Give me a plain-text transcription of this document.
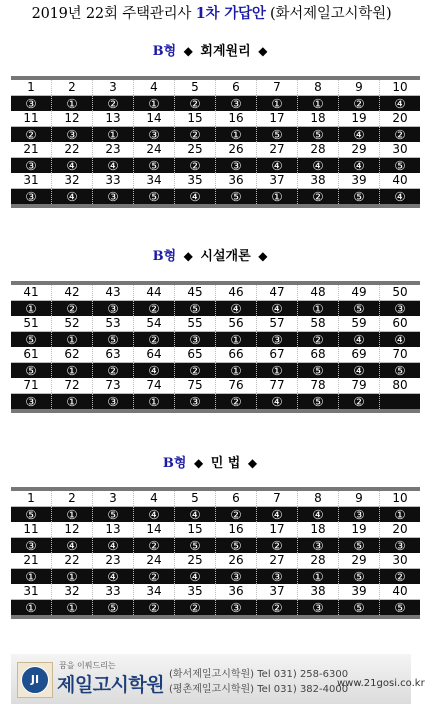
2019년 22회 주택관리사 1차 가답안 (화서제일고시학원)
B형 ◆ 회계원리 ◆
1	2	3	4	5	6	7	8	9	10
③	①	②	①	②	③	①	①	②	④
11	12	13	14	15	16	17	18	19	20
②	③	①	③	②	①	⑤	⑤	④	②
21	22	23	24	25	26	27	28	29	30
③	④	④	⑤	②	③	④	④	④	⑤
31	32	33	34	35	36	37	38	39	40
③	④	③	⑤	④	⑤	①	②	⑤	④
B형 ◆ 시설개론 ◆
41	42	43	44	45	46	47	48	49	50
①	②	③	②	⑤	④	④	①	⑤	③
51	52	53	54	55	56	57	58	59	60
⑤	①	⑤	②	③	①	③	②	④	④
61	62	63	64	65	66	67	68	69	70
⑤	①	②	④	②	①	①	⑤	④	⑤
71	72	73	74	75	76	77	78	79	80
③	①	③	①	③	②	④	⑤	②	
B형 ◆ 민 법 ◆
1	2	3	4	5	6	7	8	9	10
⑤	①	⑤	④	④	②	④	④	③	①
11	12	13	14	15	16	17	18	19	20
③	④	④	②	⑤	⑤	②	③	⑤	③
21	22	23	24	25	26	27	28	29	30
①	①	④	②	④	③	③	①	⑤	②
31	32	33	34	35	36	37	38	39	40
①	①	⑤	②	②	③	②	③	⑤	⑤
JI
꿈을 이뤄드리는
제일고시학원 (화서제일고시학원) Tel 031) 258-6300
(평촌제일고시학원) Tel 031) 382-4000
www.21gosi.co.kr
